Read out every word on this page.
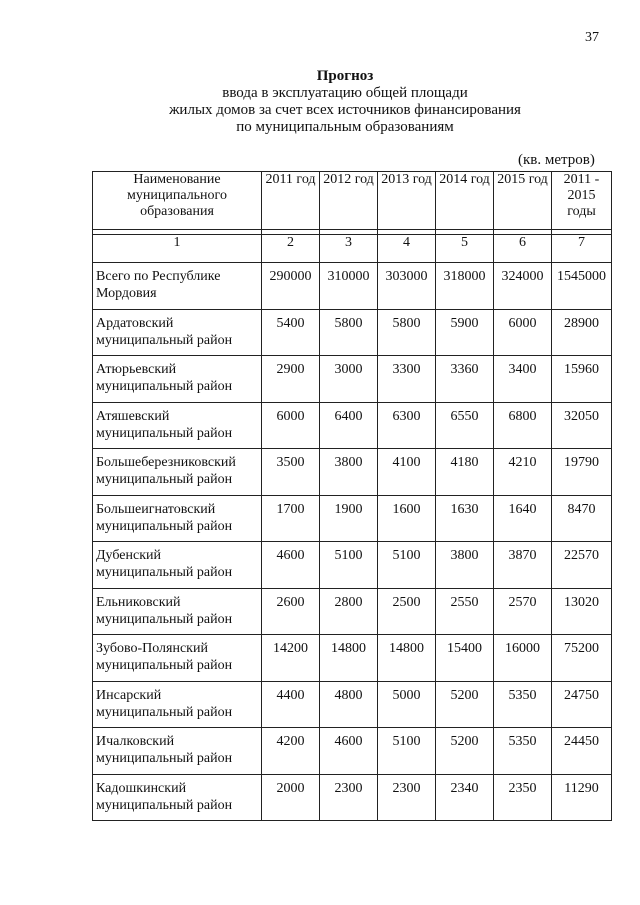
37
Прогноз
ввода в эксплуатацию общей площади
жилых домов за счет всех источников финансирования
по муниципальным образованиям
(кв. метров)
Наименование муниципального образования	2011 год	2012 год	2013 год	2014 год	2015 год	2011 - 2015 годы

1	2	3	4	5	6	7
Всего по Республике Мордовия	290000	310000	303000	318000	324000	1545000
Ардатовский муниципальный район	5400	5800	5800	5900	6000	28900
Атюрьевский муниципальный район	2900	3000	3300	3360	3400	15960
Атяшевский муниципальный район	6000	6400	6300	6550	6800	32050
Большеберезниковский муниципальный район	3500	3800	4100	4180	4210	19790
Большеигнатовский муниципальный район	1700	1900	1600	1630	1640	8470
Дубенский муниципальный район	4600	5100	5100	3800	3870	22570
Ельниковский муниципальный район	2600	2800	2500	2550	2570	13020
Зубово-Полянский муниципальный район	14200	14800	14800	15400	16000	75200
Инсарский муниципальный район	4400	4800	5000	5200	5350	24750
Ичалковский муниципальный район	4200	4600	5100	5200	5350	24450
Кадошкинский муниципальный район	2000	2300	2300	2340	2350	11290
